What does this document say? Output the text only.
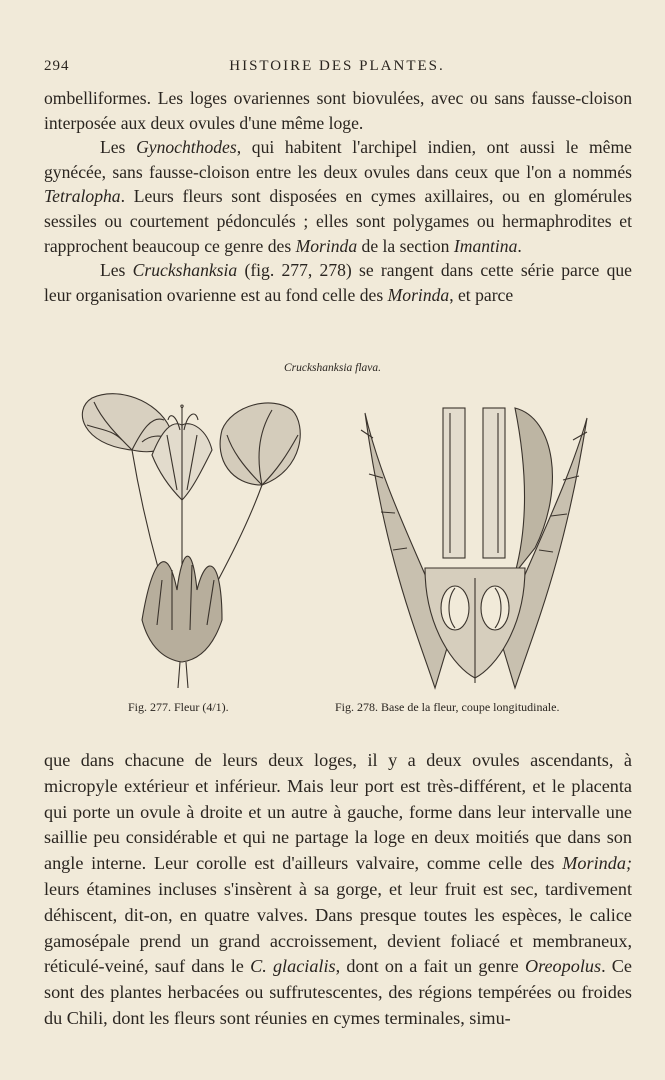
294	HISTOIRE DES PLANTES.

ombelliformes. Les loges ovariennes sont biovulées, avec ou sans fausse-cloison interposée aux deux ovules d'une même loge.

Les Gynochthodes, qui habitent l'archipel indien, ont aussi le même gynécée, sans fausse-cloison entre les deux ovules dans ceux que l'on a nommés Tetralopha. Leurs fleurs sont disposées en cymes axillaires, ou en glomérules sessiles ou courtement pédonculés ; elles sont polygames ou hermaphrodites et rapprochent beaucoup ce genre des Morinda de la section Imantina.

Les Cruckshanksia (fig. 277, 278) se rangent dans cette série parce que leur organisation ovarienne est au fond celle des Morinda, et parce

Cruckshanksia flava.
Fig. 277. Fleur (4/1).	Fig. 278. Base de la fleur, coupe longitudinale.

que dans chacune de leurs deux loges, il y a deux ovules ascendants, à micropyle extérieur et inférieur. Mais leur port est très-différent, et le placenta qui porte un ovule à droite et un autre à gauche, forme dans leur intervalle une saillie peu considérable et qui ne partage la loge en deux moitiés que dans son angle interne. Leur corolle est d'ailleurs valvaire, comme celle des Morinda; leurs étamines incluses s'insèrent à sa gorge, et leur fruit est sec, tardivement déhiscent, dit-on, en quatre valves. Dans presque toutes les espèces, le calice gamosépale prend un grand accroissement, devient foliacé et membraneux, réticulé-veiné, sauf dans le C. glacialis, dont on a fait un genre Oreopolus. Ce sont des plantes herbacées ou suffrutescentes, des régions tempérées ou froides du Chili, dont les fleurs sont réunies en cymes terminales, simu-
